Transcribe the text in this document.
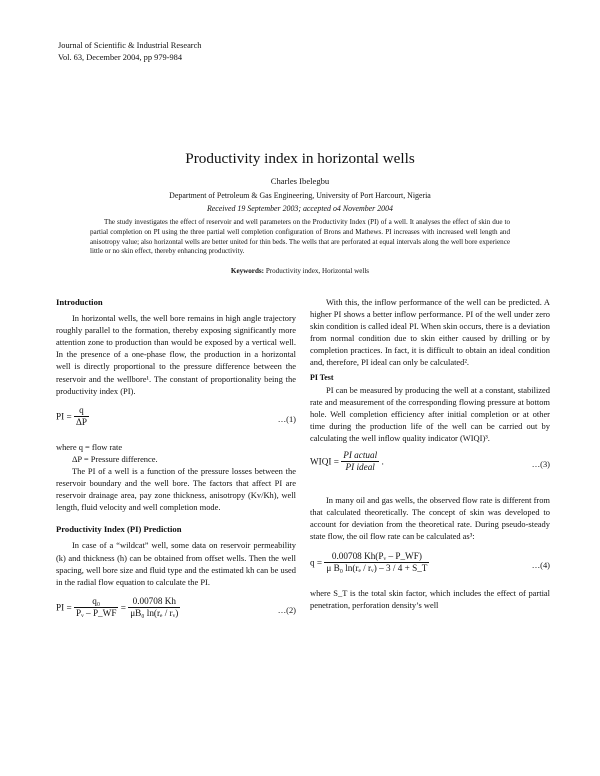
Journal of Scientific & Industrial Research
Vol. 63, December 2004, pp 979-984
Productivity index in horizontal wells
Charles Ibelegbu
Department of Petroleum & Gas Engineering, University of Port Harcourt, Nigeria
Received 19 September 2003; accepted o4 November 2004
The study investigates the effect of reservoir and well parameters on the Productivity Index (PI) of a well. It analyses the effect of skin due to partial completion on PI using the three partial well completion configuration of Brons and Mathews. PI increases with increased well length and anisotropy value; also horizontal wells are better united for thin beds. The wells that are perforated at equal intervals along the well bore experience little or no skin effect, thereby enhancing productivity.
Keywords: Productivity index, Horizontal wells

Introduction

In horizontal wells, the well bore remains in high angle trajectory roughly parallel to the formation, thereby exposing significantly more attention zone to production than would be exposed by a vertical well. In the presence of a one-phase flow, the production in a horizontal well is directly proportional to the pressure difference between the reservoir and the wellbore¹. The constant of proportionality being the productivity index (PI).

PI = $\frac{q}{\Delta P}$	…(1)

where q = flow rate

ΔP = Pressure difference.

The PI of a well is a function of the pressure losses between the reservoir boundary and the well bore. The factors that affect PI are reservoir drainage area, pay zone thickness, anisotropy (Kv/Kh), well length, fluid velocity and well completion mode.

Productivity Index (PI) Prediction

In case of a “wildcat” well, some data on reservoir permeability (k) and thickness (h) can be obtained from offset wells. Then the well spacing, well bore size and fluid type and the estimated kh can be used in the radial flow equation to calculate the PI.

PI = $\frac{\text{q₀}}{\text{Pᵥ – P\_WF}} = \frac{0.00708 Kh}{\text{μB₀ ln(rₑ / rᵥ)}}$	…(2)

With this, the inflow performance of the well can be predicted. A higher PI shows a better inflow performance. PI of the well under zero skin condition is called ideal PI. When skin occurs, there is a deviation from normal condition due to skin either caused by drilling or by completion practices. In fact, it is difficult to obtain an ideal condition and, therefore, PI ideal can only be calculated².

PI Test

PI can be measured by producing the well at a constant, stabilized rate and measurement of the corresponding flowing pressure at bottom hole. Well completion efficiency after initial completion or at other time during the production life of the well can be carried out by calculating the well inflow quality indicator (WIQI)³.

WIQI = $\frac{\text{PI actual}}{\text{PI ideal}}$ .	…(3)

In many oil and gas wells, the observed flow rate is different from that calculated theoretically. The concept of skin was developed to account for deviation from the theoretical rate. During pseudo-steady state flow, the oil flow rate can be calculated as³:

$q = \frac{\text{0.00708 Kh(Pᵥ – P\_WF)}}{\text{μ B₀ ln(rₑ / rᵥ) – 3 / 4 + S\_T}}$	…(4)

where S_T is the total skin factor, which includes the effect of partial penetration, perforation density’s well
